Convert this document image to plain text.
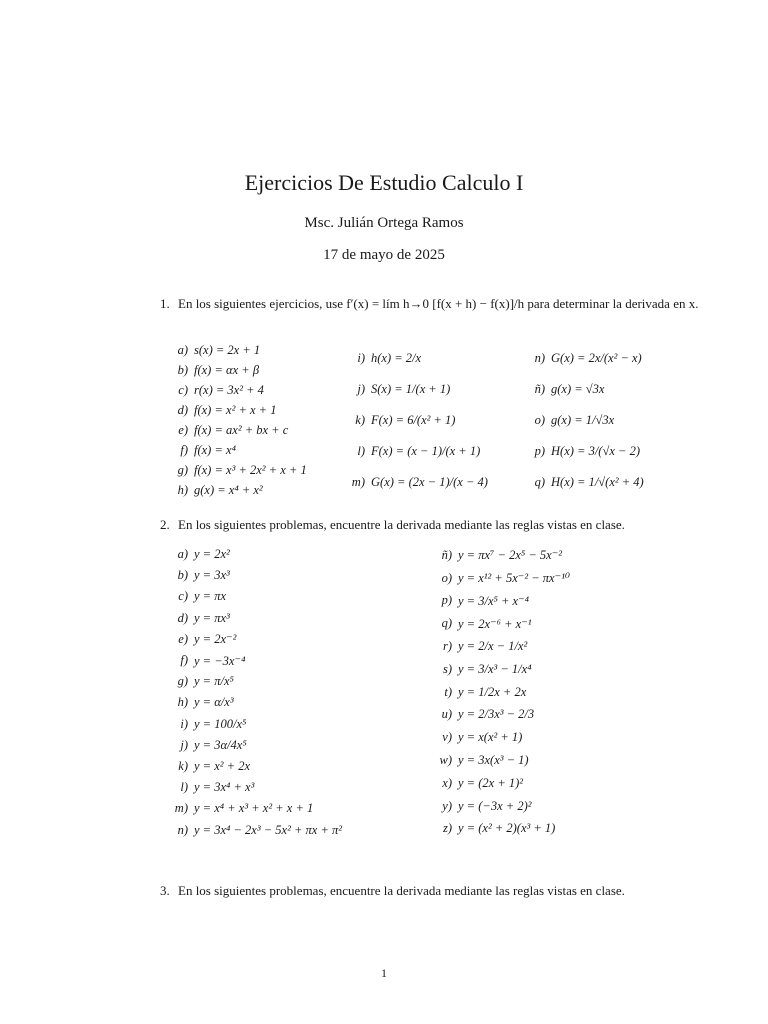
Ejercicios De Estudio Calculo I
Msc. Julián Ortega Ramos
17 de mayo de 2025
1. En los siguientes ejercicios, use f′(x) = lím h→0 [f(x + h) − f(x)]/h para determinar la derivada en x.
a) s(x) = 2x + 1
b) f(x) = αx + β
c) r(x) = 3x² + 4
d) f(x) = x² + x + 1
e) f(x) = ax² + bx + c
f) f(x) = x⁴
g) f(x) = x³ + 2x² + x + 1
h) g(x) = x⁴ + x²
i) h(x) = 2/x
j) S(x) = 1/(x + 1)
k) F(x) = 6/(x² + 1)
l) F(x) = (x − 1)/(x + 1)
m) G(x) = (2x − 1)/(x − 4)
n) G(x) = 2x/(x² − x)
ñ) g(x) = √3x
o) g(x) = 1/√3x
p) H(x) = 3/(√x − 2)
q) H(x) = 1/√(x² + 4)
2. En los siguientes problemas, encuentre la derivada mediante las reglas vistas en clase.
a) y = 2x²
b) y = 3x³
c) y = πx
d) y = πx³
e) y = 2x⁻²
f) y = −3x⁻⁴
g) y = π/x⁵
h) y = α/x³
i) y = 100/x⁵
j) y = 3α/4x⁵
k) y = x² + 2x
l) y = 3x⁴ + x³
m) y = x⁴ + x³ + x² + x + 1
n) y = 3x⁴ − 2x³ − 5x² + πx + π²
ñ) y = πx⁷ − 2x⁵ − 5x⁻²
o) y = x¹² + 5x⁻² − πx⁻¹⁰
p) y = 3/x⁵ + x⁻⁴
q) y = 2x⁻⁶ + x⁻¹
r) y = 2/x − 1/x²
s) y = 3/x³ − 1/x⁴
t) y = 1/2x + 2x
u) y = 2/3x³ − 2/3
v) y = x(x² + 1)
w) y = 3x(x³ − 1)
x) y = (2x + 1)²
y) y = (−3x + 2)²
z) y = (x² + 2)(x³ + 1)
3. En los siguientes problemas, encuentre la derivada mediante las reglas vistas en clase.
1
